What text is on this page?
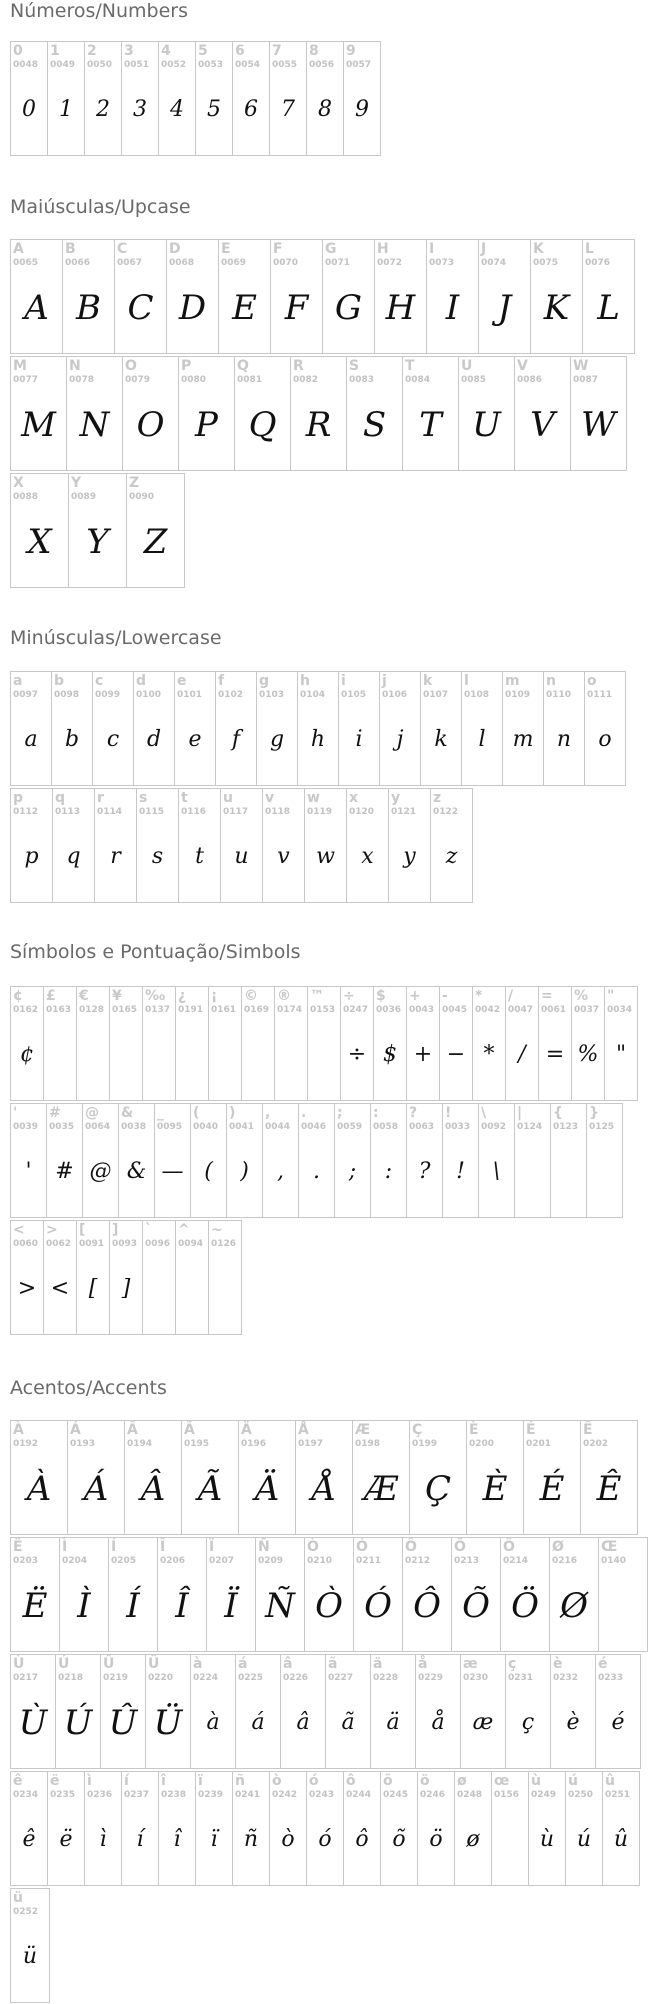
Números/Numbers
0
0048
0
1
0049
1
2
0050
2
3
0051
3
4
0052
4
5
0053
5
6
0054
6
7
0055
7
8
0056
8
9
0057
9
Maiúsculas/Upcase
A
0065
A
B
0066
B
C
0067
C
D
0068
D
E
0069
E
F
0070
F
G
0071
G
H
0072
H
I
0073
I
J
0074
J
K
0075
K
L
0076
L
M
0077
M
N
0078
N
O
0079
O
P
0080
P
Q
0081
Q
R
0082
R
S
0083
S
T
0084
T
U
0085
U
V
0086
V
W
0087
W
X
0088
X
Y
0089
Y
Z
0090
Z
Minúsculas/Lowercase
a
0097
a
b
0098
b
c
0099
c
d
0100
d
e
0101
e
f
0102
f
g
0103
g
h
0104
h
i
0105
i
j
0106
j
k
0107
k
l
0108
l
m
0109
m
n
0110
n
o
0111
o
p
0112
p
q
0113
q
r
0114
r
s
0115
s
t
0116
t
u
0117
u
v
0118
v
w
0119
w
x
0120
x
y
0121
y
z
0122
z
Símbolos e Pontuação/Simbols
¢
0162
¢
£
0163
€
0128
¥
0165
‰
0137
¿
0191
¡
0161
©
0169
®
0174
™
0153
÷
0247
÷
$
0036
$
+
0043
+
-
0045
−
*
0042
*
/
0047
/
=
0061
=
%
0037
%
"
0034
"
'
0039
'
#
0035
#
@
0064
@
&
0038
&
_
0095
—
(
0040
(
)
0041
)
,
0044
,
.
0046
.
;
0059
;
:
0058
:
?
0063
?
!
0033
!
\
0092
\
|
0124
{
0123
}
0125
<
0060
>
>
0062
<
[
0091
[
]
0093
]
`
0096
^
0094
~
0126
Acentos/Accents
À
0192
À
Á
0193
Á
Â
0194
Â
Ã
0195
Ã
Ä
0196
Ä
Å
0197
Å
Æ
0198
Æ
Ç
0199
Ç
È
0200
È
É
0201
É
Ê
0202
Ê
Ë
0203
Ë
Ì
0204
Ì
Í
0205
Í
Î
0206
Î
Ï
0207
Ï
Ñ
0209
Ñ
Ò
0210
Ò
Ó
0211
Ó
Ô
0212
Ô
Õ
0213
Õ
Ö
0214
Ö
Ø
0216
Ø
Œ
0140
Ù
0217
Ù
Ú
0218
Ú
Û
0219
Û
Ü
0220
Ü
à
0224
à
á
0225
á
â
0226
â
ã
0227
ã
ä
0228
ä
å
0229
å
æ
0230
æ
ç
0231
ç
è
0232
è
é
0233
é
ê
0234
ê
ë
0235
ë
ì
0236
ì
í
0237
í
î
0238
î
ï
0239
ï
ñ
0241
ñ
ò
0242
ò
ó
0243
ó
ô
0244
ô
õ
0245
õ
ö
0246
ö
ø
0248
ø
œ
0156
ù
0249
ù
ú
0250
ú
û
0251
û
ü
0252
ü
